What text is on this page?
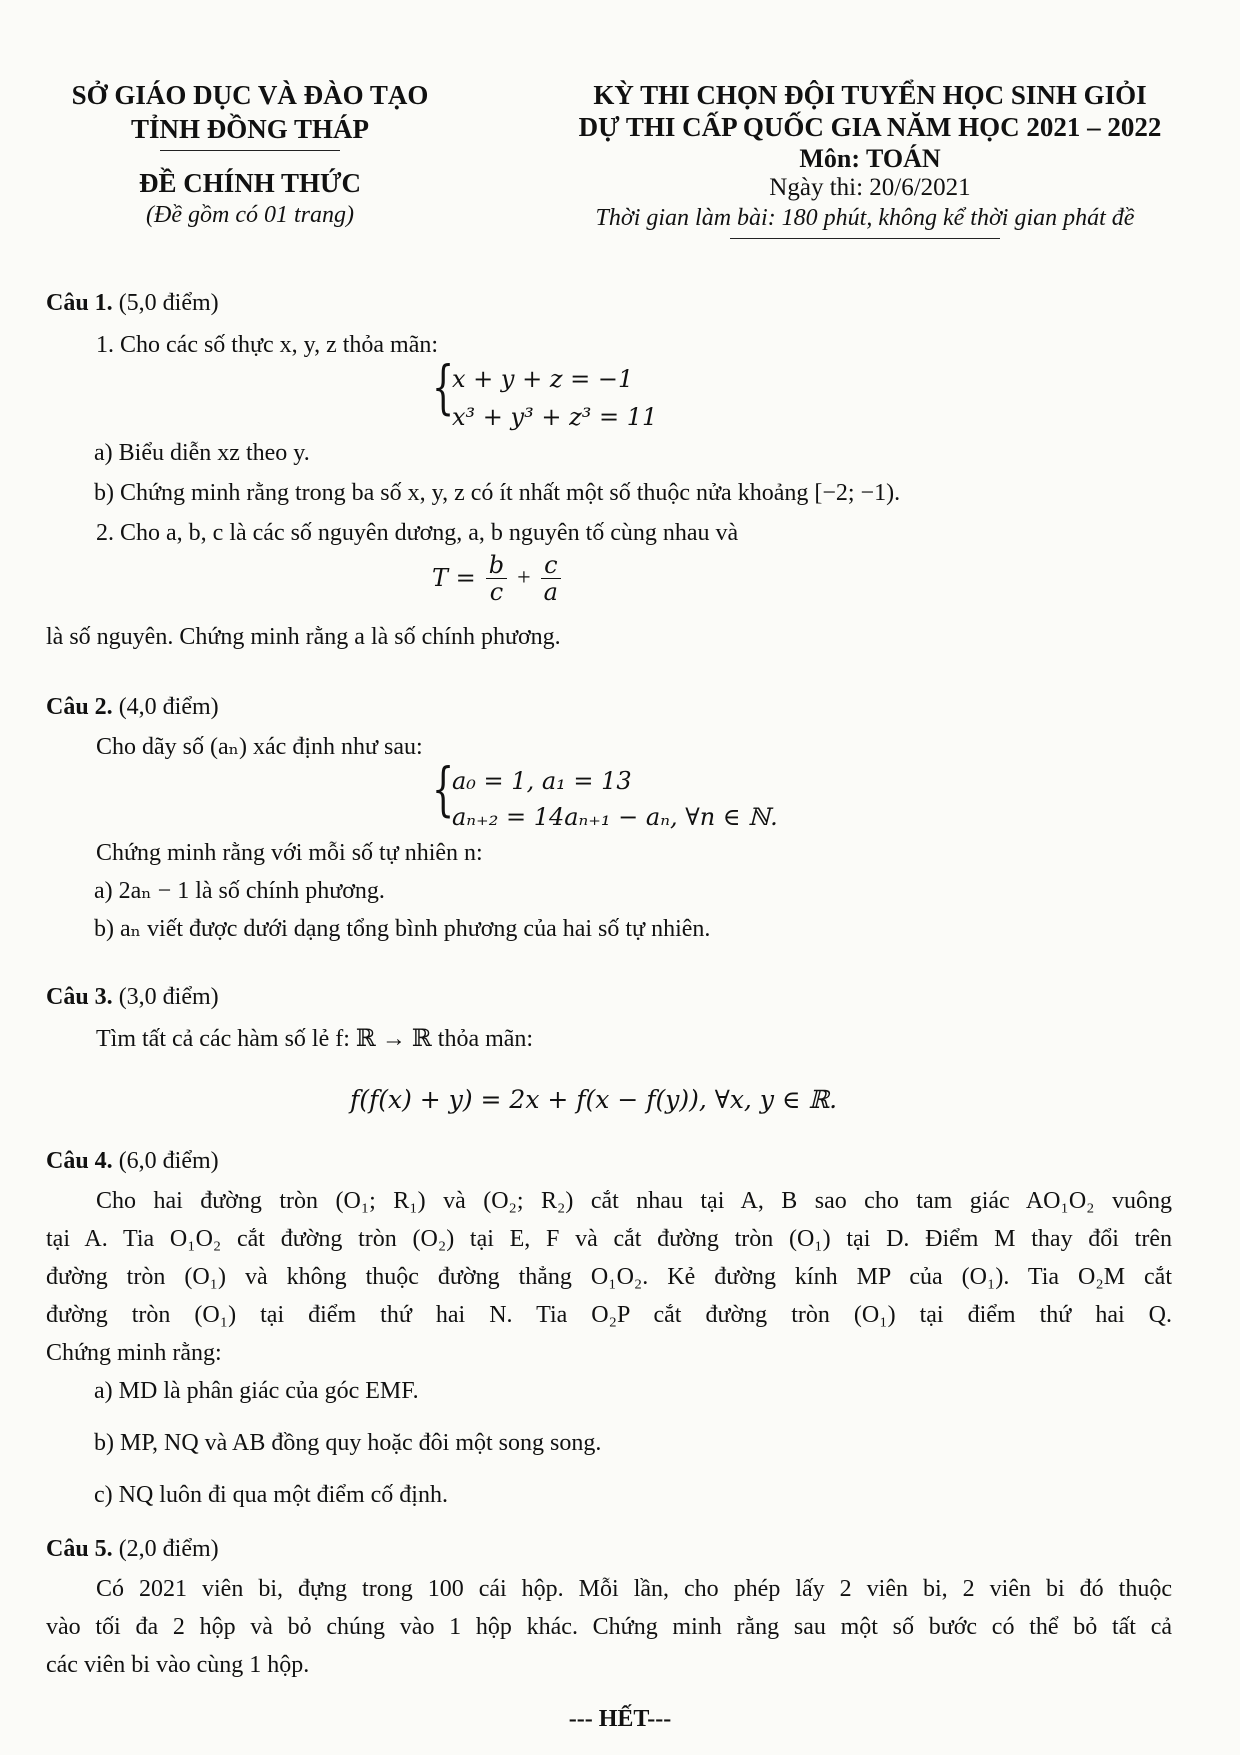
SỞ GIÁO DỤC VÀ ĐÀO TẠO
TỈNH ĐỒNG THÁP
ĐỀ CHÍNH THỨC
(Đề gồm có 01 trang)
KỲ THI CHỌN ĐỘI TUYỂN HỌC SINH GIỎI
DỰ THI CẤP QUỐC GIA NĂM HỌC 2021 – 2022
Môn: TOÁN
Ngày thi: 20/6/2021
Thời gian làm bài: 180 phút, không kể thời gian phát đề
Câu 1. (5,0 điểm)
1. Cho các số thực x, y, z thỏa mãn:
{
x + y + z = −1
x³ + y³ + z³ = 11
a) Biểu diễn xz theo y.
b) Chứng minh rằng trong ba số x, y, z có ít nhất một số thuộc nửa khoảng [−2; −1).
2. Cho a, b, c là các số nguyên dương, a, b nguyên tố cùng nhau và
$T = \frac{b}{c} + \frac{c}{a}$
là số nguyên. Chứng minh rằng a là số chính phương.
Câu 2. (4,0 điểm)
Cho dãy số (aₙ) xác định như sau:
{
a₀ = 1, a₁ = 13
aₙ₊₂ = 14aₙ₊₁ − aₙ, ∀n ∈ ℕ.
Chứng minh rằng với mỗi số tự nhiên n:
a) 2aₙ − 1 là số chính phương.
b) aₙ viết được dưới dạng tổng bình phương của hai số tự nhiên.
Câu 3. (3,0 điểm)
Tìm tất cả các hàm số lẻ f: ℝ → ℝ thỏa mãn:
f(f(x) + y) = 2x + f(x − f(y)), ∀x, y ∈ ℝ.
Câu 4. (6,0 điểm)
Cho hai đường tròn (O₁; R₁) và (O₂; R₂) cắt nhau tại A, B sao cho tam giác AO₁O₂ vuông
tại A. Tia O₁O₂ cắt đường tròn (O₂) tại E, F và cắt đường tròn (O₁) tại D. Điểm M thay đổi trên
đường tròn (O₁) và không thuộc đường thẳng O₁O₂. Kẻ đường kính MP của (O₁). Tia O₂M cắt
đường tròn (O₁) tại điểm thứ hai N. Tia O₂P cắt đường tròn (O₁) tại điểm thứ hai Q.
Chứng minh rằng:
a) MD là phân giác của góc EMF.
b) MP, NQ và AB đồng quy hoặc đôi một song song.
c) NQ luôn đi qua một điểm cố định.
Câu 5. (2,0 điểm)
Có 2021 viên bi, đựng trong 100 cái hộp. Mỗi lần, cho phép lấy 2 viên bi, 2 viên bi đó thuộc
vào tối đa 2 hộp và bỏ chúng vào 1 hộp khác. Chứng minh rằng sau một số bước có thể bỏ tất cả
các viên bi vào cùng 1 hộp.
--- HẾT---
